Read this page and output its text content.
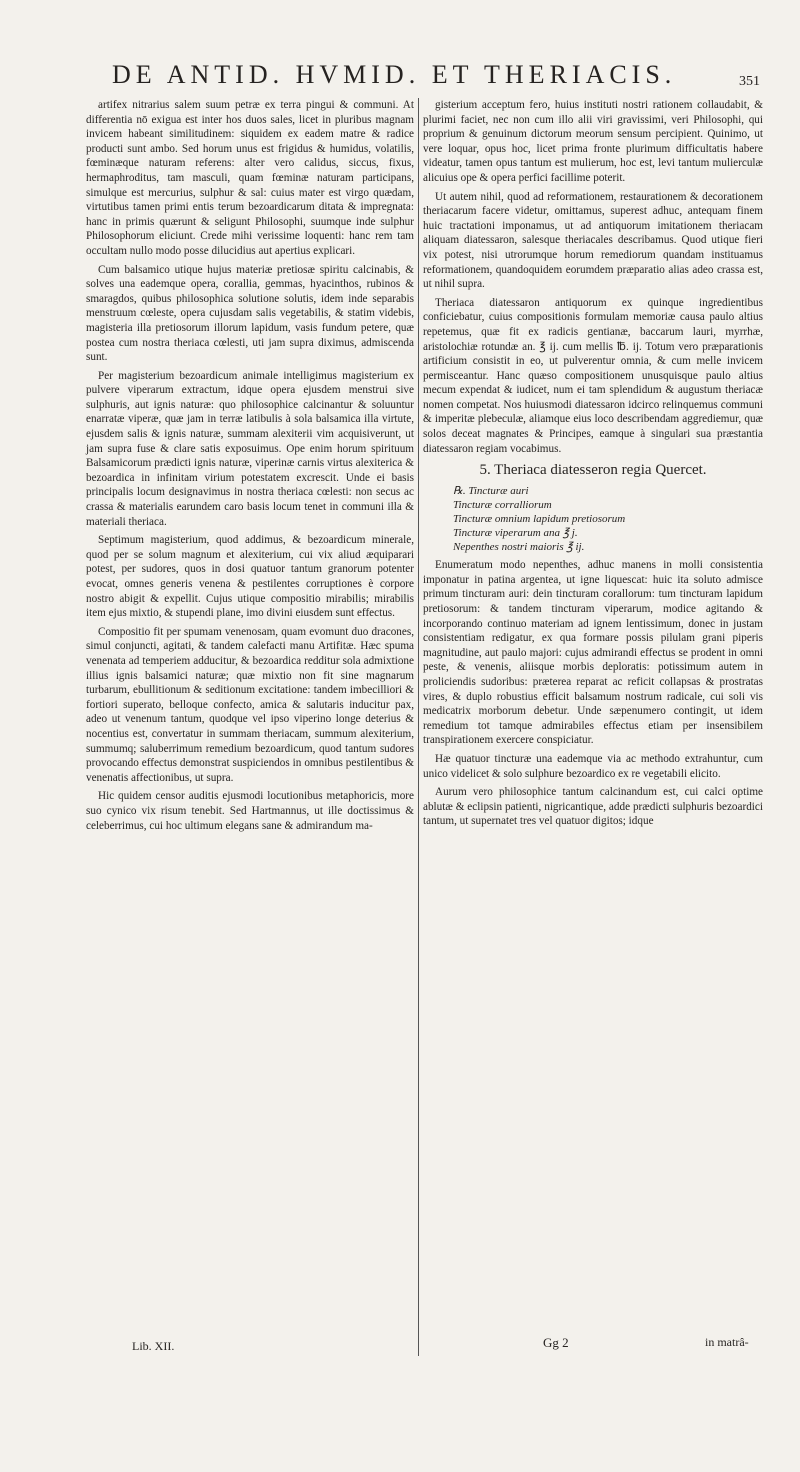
DE ANTID. HVMID. ET THERIACIS.	351

artifex nitrarius salem suum petræ ex terra pingui & communi. At differentia nō exigua est inter hos duos sales, licet in pluribus magnam invicem habeant similitudinem: siquidem ex eadem matre & radice producti sunt ambo. Sed horum unus est frigidus & humidus, volatilis, fœminæque naturam referens: alter vero calidus, siccus, fixus, hermaphroditus, tam masculi, quam fœminæ naturam participans, simulque est mercurius, sulphur & sal: cuius mater est virgo quædam, virtutibus tamen primi entis terum bezoardicarum ditata & impregnata: hanc in primis quærunt & seligunt Philosophi, suumque inde sulphur Philosophorum eliciunt. Crede mihi verissime loquenti: hanc rem tam occultam nullo modo posse dilucidius aut apertius explicari.

Cum balsamico utique hujus materiæ pretiosæ spiritu calcinabis, & solves una eademque opera, corallia, gemmas, hyacinthos, rubinos & smaragdos, quibus philosophica solutione solutis, idem inde separabis menstruum cœleste, opera cujusdam salis vegetabilis, & statim videbis, magisteria illa pretiosorum illorum lapidum, vasis fundum petere, quæ postea cum nostra theriaca cœlesti, uti jam supra diximus, admiscenda sunt.

Per magisterium bezoardicum animale intelligimus magisterium ex pulvere viperarum extractum, idque opera ejusdem menstrui sive sulphuris, aut ignis naturæ: quo philosophice calcinantur & soluuntur enarratæ viperæ, quæ jam in terræ latibulis à sola balsamica illa virtute, ejusdem salis & ignis naturæ, summam alexiterii vim acquisiverunt, ut jam supra fuse & clare satis exposuimus. Ope enim horum spirituum Balsamicorum prædicti ignis naturæ, viperinæ carnis virtus alexiterica & bezoardica in infinitam virium potestatem excrescit. Unde ei basis principalis locum designavimus in nostra theriaca cœlesti: non secus ac crassa & materialis earundem caro basis locum tenet in communi illa & materiali theriaca.

Septimum magisterium, quod addimus, & bezoardicum minerale, quod per se solum magnum et alexiterium, cui vix aliud æquiparari potest, per sudores, quos in dosi quatuor tantum granorum potenter evocat, omnes generis venena & pestilentes corruptiones è corpore nostro abigit & expellit. Cujus utique compositio mirabilis; mirabilis item ejus mixtio, & stupendi plane, imo divini eiusdem sunt effectus.

Compositio fit per spumam venenosam, quam evomunt duo dracones, simul conjuncti, agitati, & tandem calefacti manu Artifitæ. Hæc spuma venenata ad temperiem adducitur, & bezoardica redditur sola admixtione illius ignis balsamici naturæ; quæ mixtio non fit sine magnarum turbarum, ebullitionum & seditionum excitatione: tandem imbecilliori & fortiori superato, belloque confecto, amica & salutaris inducitur pax, adeo ut venenum tantum, quodque vel ipso viperino longe deterius & nocentius est, convertatur in summam theriacam, summum alexiterium, summumq; saluberrimum remedium bezoardicum, quod tantum sudores provocando effectus demonstrat suspiciendos in omnibus pestilentibus & venenatis affectionibus, ut supra.

Hic quidem censor auditis ejusmodi locutionibus metaphoricis, more suo cynico vix risum tenebit. Sed Hartmannus, ut ille doctissimus & celeberrimus, cui hoc ultimum elegans sane & admirandum ma-

gisterium acceptum fero, huius instituti nostri rationem collaudabit, & plurimi faciet, nec non cum illo alii viri gravissimi, veri Philosophi, qui proprium & genuinum dictorum meorum sensum percipient. Quinimo, ut vere loquar, opus hoc, licet prima fronte plurimum difficultatis habere videatur, tamen opus tantum est mulierum, hoc est, levi tantum mulierculæ alicuius ope & opera perfici facillime poterit.

Ut autem nihil, quod ad reformationem, restaurationem & decorationem theriacarum facere videtur, omittamus, superest adhuc, antequam finem huic tractationi imponamus, ut ad antiquorum imitationem theriacam aliquam diatessaron, salesque theriacales describamus. Quod utique fieri vix potest, nisi utrorumque horum remediorum quandam instituamus reformationem, quandoquidem eorumdem præparatio alias adeo crassa est, ut nihil supra.

Theriaca diatessaron antiquorum ex quinque ingredientibus conficiebatur, cuius compositionis formulam memoriæ causa paulo altius repetemus, quæ fit ex radicis gentianæ, baccarum lauri, myrrhæ, aristolochiæ rotundæ an. ℥ ij. cum mellis ℔. ij. Totum vero præparationis artificium consistit in eo, ut pulverentur omnia, & cum melle invicem permisceantur. Hanc quæso compositionem unusquisque paulo altius mecum expendat & iudicet, num ei tam splendidum & augustum theriacæ nomen competat. Nos huiusmodi diatessaron idcirco relinquemus communi & imperitæ plebeculæ, aliamque eius loco describendam aggrediemur, quæ solos deceat magnates & Principes, eamque à singulari sua præstantia diatessaron regiam vocabimus.

5. Theriaca diatesseron regia Quercet.

℞. Tincturæ auri
Tincturæ corralliorum
Tincturæ omnium lapidum pretiosorum
Tincturæ viperarum ana ℥ j.
Nepenthes nostri maioris ℥ ij.

Enumeratum modo nepenthes, adhuc manens in molli consistentia imponatur in patina argentea, ut igne liquescat: huic ita soluto admisce primum tincturam auri: dein tincturam corallorum: tum tincturam lapidum pretiosorum: & tandem tincturam viperarum, modice agitando & incorporando continuo materiam ad ignem lentissimum, donec in justam consistentiam redigatur, ex qua formare possis pilulam grani piperis magnitudine, aut paulo majori: cujus admirandi effectus se prodent in omni peste, & venenis, aliisque morbis deploratis: potissimum autem in proliciendis sudoribus: præterea reparat ac reficit collapsas & prostratas vires, & duplo robustius efficit balsamum nostrum radicale, cui soli vis medicatrix morborum debetur. Unde sæpenumero contingit, ut idem remedium tot tamque admirabiles effectus etiam per insensibilem transpirationem exercere conspiciatur.

Hæ quatuor tincturæ una eademque via ac methodo extrahuntur, cum unico videlicet & solo sulphure bezoardico ex re vegetabili elicito.

Aurum vero philosophice tantum calcinandum est, cui calci optime ablutæ & eclipsin patienti, nigricantique, adde prædicti sulphuris bezoardici tantum, ut supernatet tres vel quatuor digitos; idque

Lib. XII.	Gg 2	in matrâ-
